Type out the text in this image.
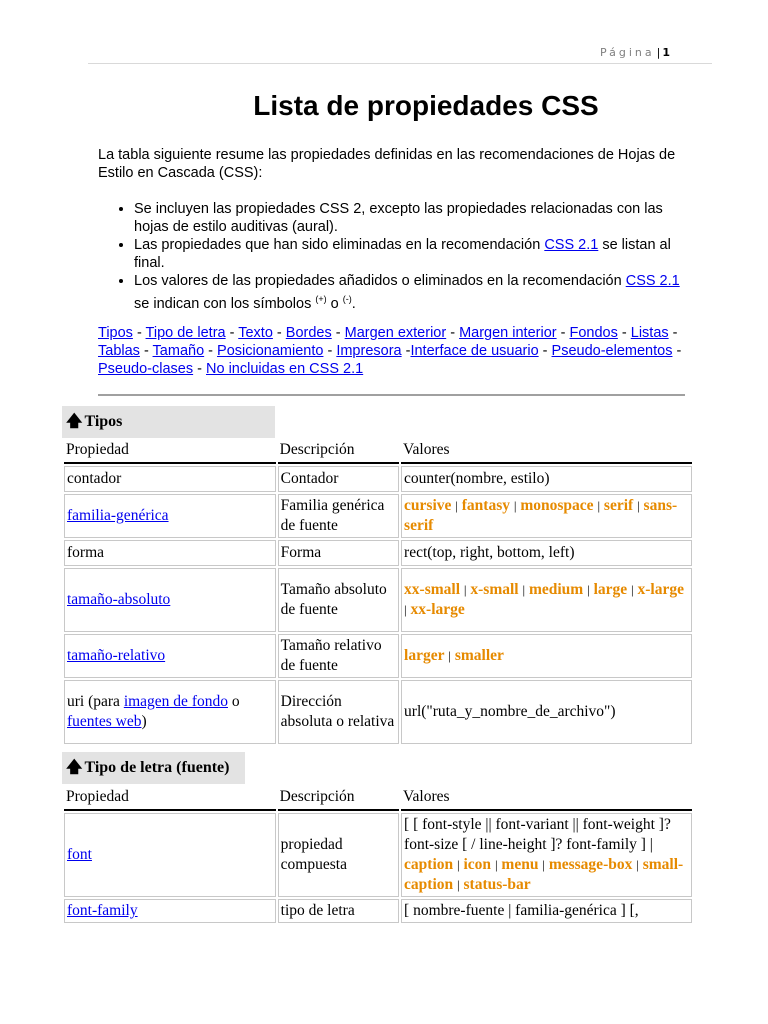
Página | 1
Lista de propiedades CSS

La tabla siguiente resume las propiedades definidas en las recomendaciones de Hojas de Estilo en Cascada (CSS):

• Se incluyen las propiedades CSS 2, excepto las propiedades relacionadas con las hojas de estilo auditivas (aural).
• Las propiedades que han sido eliminadas en la recomendación CSS 2.1 se listan al final.
• Los valores de las propiedades añadidos o eliminados en la recomendación CSS 2.1 se indican con los símbolos (+) o (-).

Tipos - Tipo de letra - Texto - Bordes - Margen exterior - Margen interior - Fondos - Listas - Tablas - Tamaño - Posicionamiento - Impresora -Interface de usuario - Pseudo-elementos - Pseudo-clases - No incluidas en CSS 2.1

🡅 Tipos
Propiedad	Descripción	Valores
contador	Contador	counter(nombre, estilo)
familia-genérica	Familia genérica de fuente	cursive | fantasy | monospace | serif | sans-serif
forma	Forma	rect(top, right, bottom, left)
tamaño-absoluto	Tamaño absoluto de fuente	xx-small | x-small | medium | large | x-large | xx-large
tamaño-relativo	Tamaño relativo de fuente	larger | smaller
uri (para imagen de fondo o fuentes web)	Dirección absoluta o relativa	url("ruta_y_nombre_de_archivo")
🡅 Tipo de letra (fuente)
Propiedad	Descripción	Valores
font	propiedad compuesta	[ [ font-style || font-variant || font-weight ]? font-size [ / line-height ]? font-family ] | caption | icon | menu | message-box | small-caption | status-bar
font-family	tipo de letra	[ nombre-fuente | familia-genérica ] [,
